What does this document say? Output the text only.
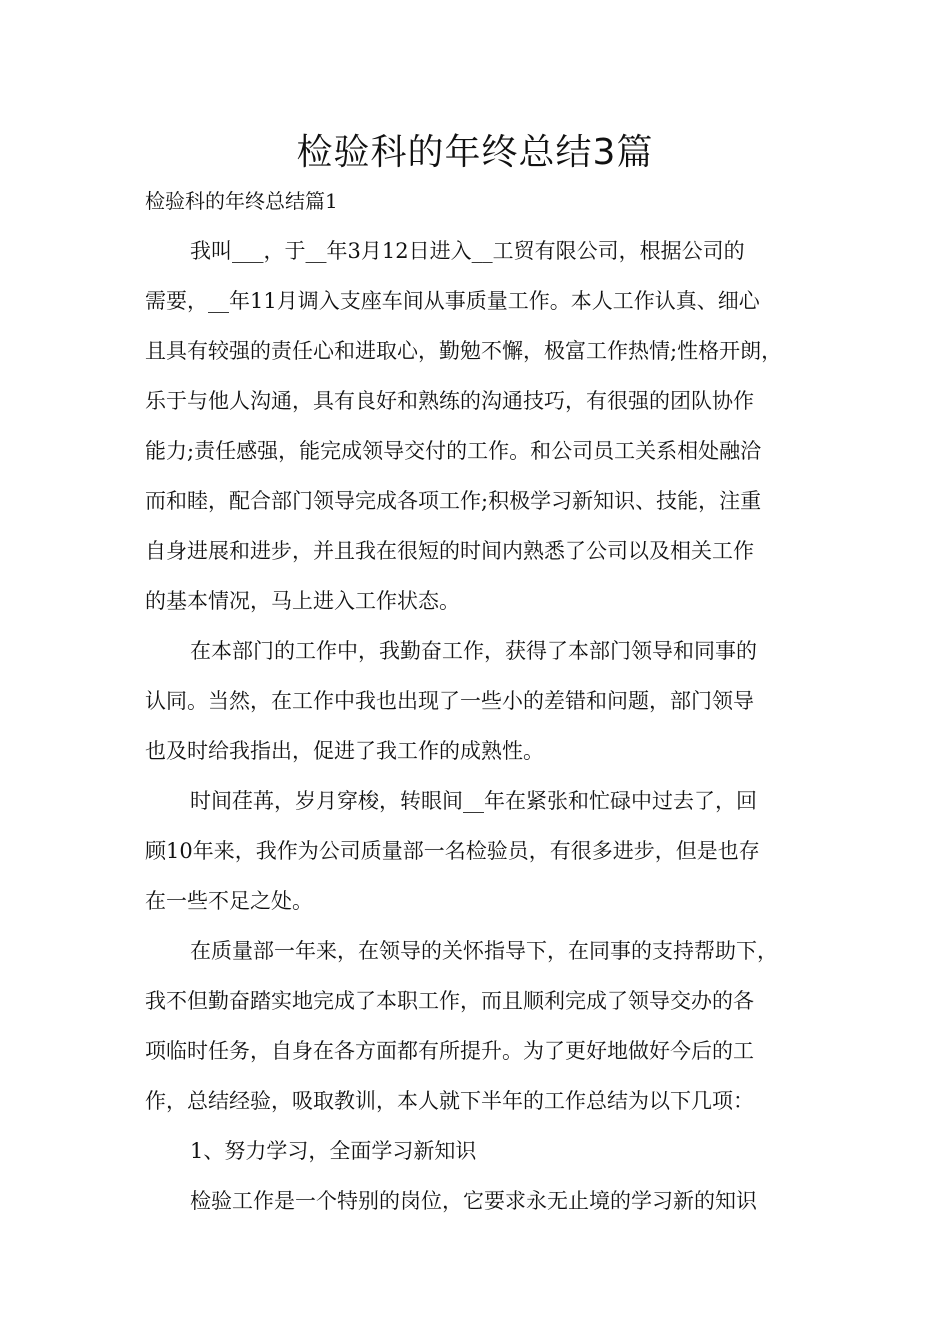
检验科的年终总结3篇

检验科的年终总结篇1

我叫___，于__年3月12日进入__工贸有限公司，根据公司的

需要，__年11月调入支座车间从事质量工作。本人工作认真、细心

且具有较强的责任心和进取心，勤勉不懈，极富工作热情;性格开朗，

乐于与他人沟通，具有良好和熟练的沟通技巧，有很强的团队协作

能力;责任感强，能完成领导交付的工作。和公司员工关系相处融洽

而和睦，配合部门领导完成各项工作;积极学习新知识、技能，注重

自身进展和进步，并且我在很短的时间内熟悉了公司以及相关工作

的基本情况，马上进入工作状态。

在本部门的工作中，我勤奋工作，获得了本部门领导和同事的

认同。当然，在工作中我也出现了一些小的差错和问题，部门领导

也及时给我指出，促进了我工作的成熟性。

时间荏苒，岁月穿梭，转眼间__年在紧张和忙碌中过去了，回

顾10年来，我作为公司质量部一名检验员，有很多进步，但是也存

在一些不足之处。

在质量部一年来，在领导的关怀指导下，在同事的支持帮助下，

我不但勤奋踏实地完成了本职工作，而且顺利完成了领导交办的各

项临时任务，自身在各方面都有所提升。为了更好地做好今后的工

作，总结经验，吸取教训，本人就下半年的工作总结为以下几项：

1、努力学习，全面学习新知识

检验工作是一个特别的岗位，它要求永无止境的学习新的知识
